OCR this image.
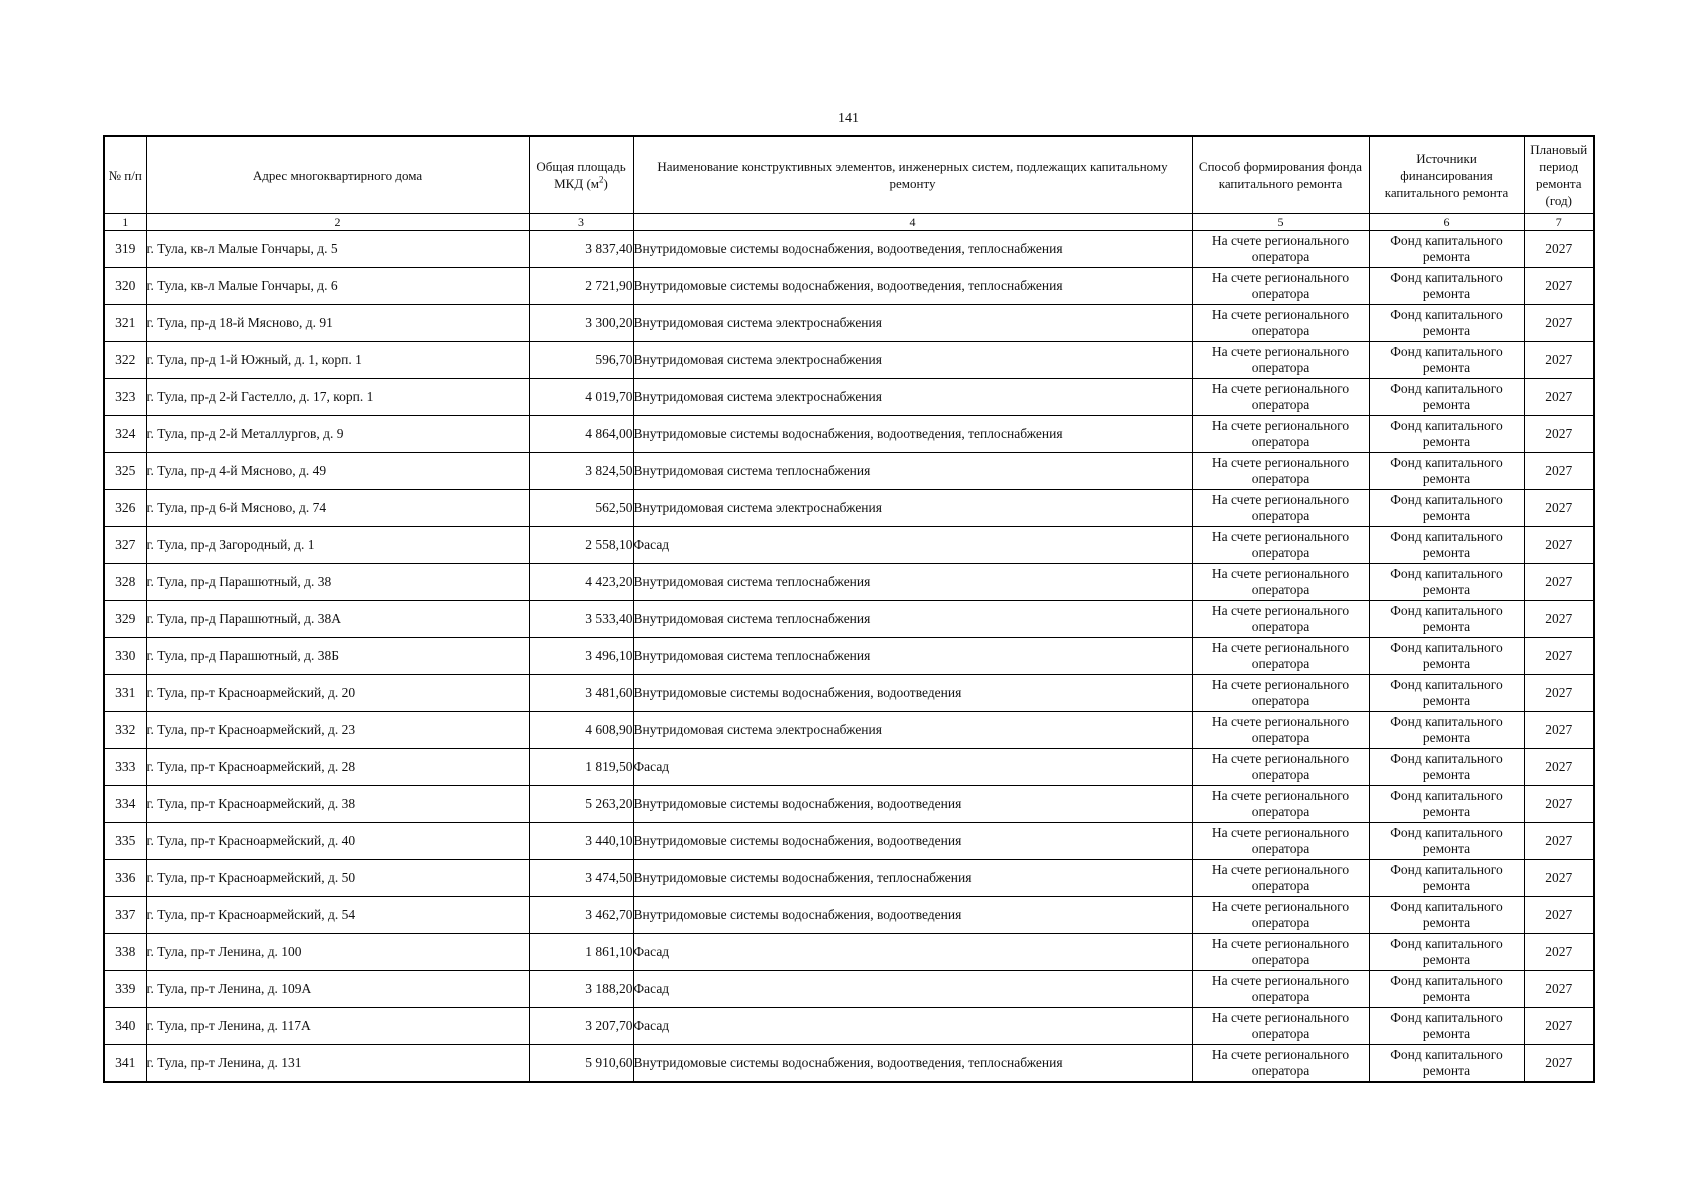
141
№ п/п	Адрес многоквартирного дома	Общая площадь МКД $(м^2)$	Наименование конструктивных элементов, инженерных систем, подлежащих капитальному ремонту	Способ формирования фонда капитального ремонта	Источники финансирования капитального ремонта	Плановый период ремонта (год)
1	2	3	4	5	6	7
319	г. Тула, кв-л Малые Гончары, д. 5	3 837,40	Внутридомовые системы водоснабжения, водоотведения, теплоснабжения	На счете регионального оператора	Фонд капитального ремонта	2027
320	г. Тула, кв-л Малые Гончары, д. 6	2 721,90	Внутридомовые системы водоснабжения, водоотведения, теплоснабжения	На счете регионального оператора	Фонд капитального ремонта	2027
321	г. Тула, пр-д 18-й Мясново, д. 91	3 300,20	Внутридомовая система электроснабжения	На счете регионального оператора	Фонд капитального ремонта	2027
322	г. Тула, пр-д 1-й Южный, д. 1, корп. 1	596,70	Внутридомовая система электроснабжения	На счете регионального оператора	Фонд капитального ремонта	2027
323	г. Тула, пр-д 2-й Гастелло, д. 17, корп. 1	4 019,70	Внутридомовая система электроснабжения	На счете регионального оператора	Фонд капитального ремонта	2027
324	г. Тула, пр-д 2-й Металлургов, д. 9	4 864,00	Внутридомовые системы водоснабжения, водоотведения, теплоснабжения	На счете регионального оператора	Фонд капитального ремонта	2027
325	г. Тула, пр-д 4-й Мясново, д. 49	3 824,50	Внутридомовая система теплоснабжения	На счете регионального оператора	Фонд капитального ремонта	2027
326	г. Тула, пр-д 6-й Мясново, д. 74	562,50	Внутридомовая система электроснабжения	На счете регионального оператора	Фонд капитального ремонта	2027
327	г. Тула, пр-д Загородный, д. 1	2 558,10	Фасад	На счете регионального оператора	Фонд капитального ремонта	2027
328	г. Тула, пр-д Парашютный, д. 38	4 423,20	Внутридомовая система теплоснабжения	На счете регионального оператора	Фонд капитального ремонта	2027
329	г. Тула, пр-д Парашютный, д. 38А	3 533,40	Внутридомовая система теплоснабжения	На счете регионального оператора	Фонд капитального ремонта	2027
330	г. Тула, пр-д Парашютный, д. 38Б	3 496,10	Внутридомовая система теплоснабжения	На счете регионального оператора	Фонд капитального ремонта	2027
331	г. Тула, пр-т Красноармейский, д. 20	3 481,60	Внутридомовые системы водоснабжения, водоотведения	На счете регионального оператора	Фонд капитального ремонта	2027
332	г. Тула, пр-т Красноармейский, д. 23	4 608,90	Внутридомовая система электроснабжения	На счете регионального оператора	Фонд капитального ремонта	2027
333	г. Тула, пр-т Красноармейский, д. 28	1 819,50	Фасад	На счете регионального оператора	Фонд капитального ремонта	2027
334	г. Тула, пр-т Красноармейский, д. 38	5 263,20	Внутридомовые системы водоснабжения, водоотведения	На счете регионального оператора	Фонд капитального ремонта	2027
335	г. Тула, пр-т Красноармейский, д. 40	3 440,10	Внутридомовые системы водоснабжения, водоотведения	На счете регионального оператора	Фонд капитального ремонта	2027
336	г. Тула, пр-т Красноармейский, д. 50	3 474,50	Внутридомовые системы водоснабжения, теплоснабжения	На счете регионального оператора	Фонд капитального ремонта	2027
337	г. Тула, пр-т Красноармейский, д. 54	3 462,70	Внутридомовые системы водоснабжения, водоотведения	На счете регионального оператора	Фонд капитального ремонта	2027
338	г. Тула, пр-т Ленина, д. 100	1 861,10	Фасад	На счете регионального оператора	Фонд капитального ремонта	2027
339	г. Тула, пр-т Ленина, д. 109А	3 188,20	Фасад	На счете регионального оператора	Фонд капитального ремонта	2027
340	г. Тула, пр-т Ленина, д. 117А	3 207,70	Фасад	На счете регионального оператора	Фонд капитального ремонта	2027
341	г. Тула, пр-т Ленина, д. 131	5 910,60	Внутридомовые системы водоснабжения, водоотведения, теплоснабжения	На счете регионального оператора	Фонд капитального ремонта	2027
